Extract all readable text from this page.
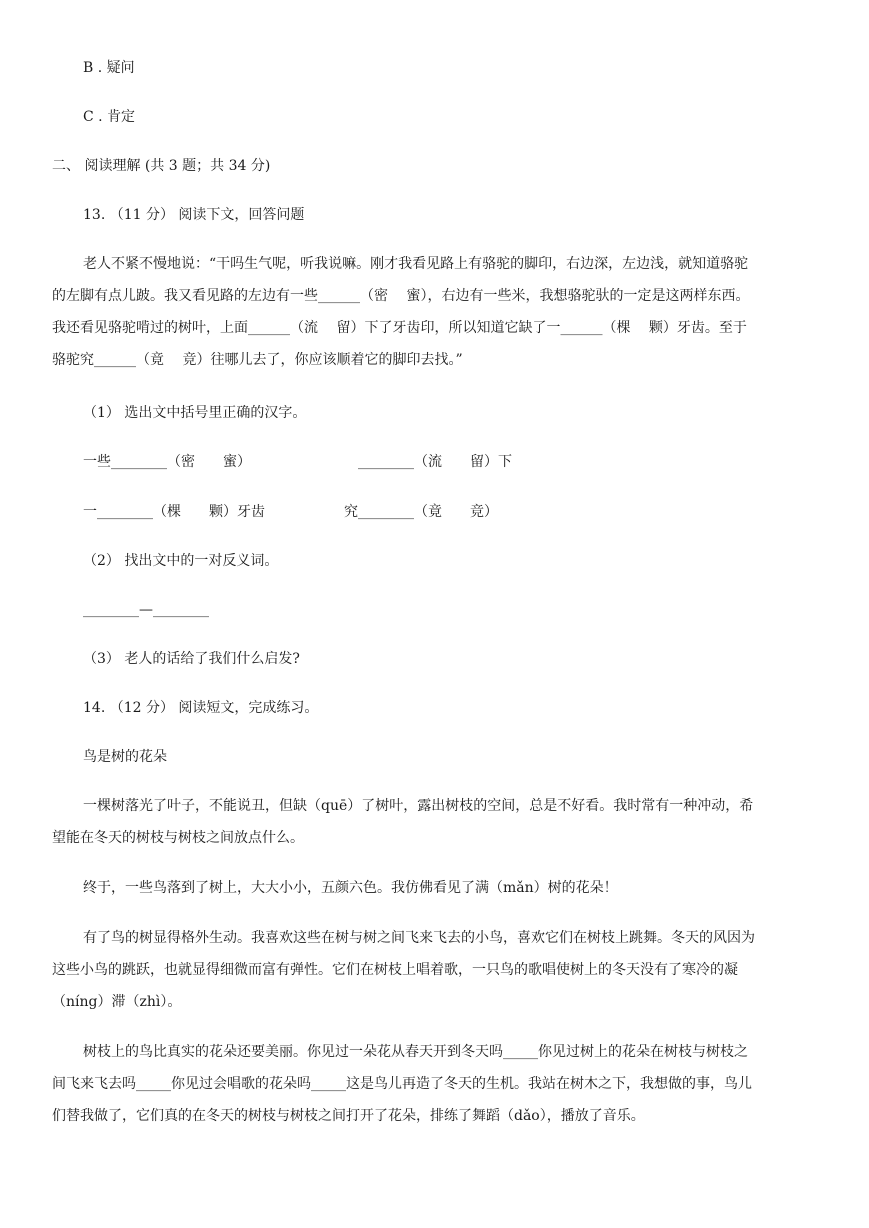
B . 疑问
C . 肯定
二、 阅读理解 (共 3 题；共 34 分)
13. （11 分） 阅读下文，回答问题
老人不紧不慢地说：“干吗生气呢，听我说嘛。刚才我看见路上有骆驼的脚印，右边深，左边浅，就知道骆驼
的左脚有点儿跛。我又看见路的左边有一些______（密　 蜜），右边有一些米，我想骆驼驮的一定是这两样东西。
我还看见骆驼啃过的树叶，上面______（流　 留）下了牙齿印，所以知道它缺了一______（棵　 颗）牙齿。至于
骆驼究______（竟　 竞）往哪儿去了，你应该顺着它的脚印去找。”
（1） 选出文中括号里正确的汉字。
一些________（密　　蜜）	________（流　　留）下
一________（棵　　颗）牙齿	究________（竟　　竞）
（2） 找出文中的一对反义词。
________—________
（3） 老人的话给了我们什么启发?
14. （12 分） 阅读短文，完成练习。
鸟是树的花朵
一棵树落光了叶子，不能说丑，但缺（quē）了树叶，露出树枝的空间，总是不好看。我时常有一种冲动，希
望能在冬天的树枝与树枝之间放点什么。
终于，一些鸟落到了树上，大大小小，五颜六色。我仿佛看见了满（mǎn）树的花朵！
有了鸟的树显得格外生动。我喜欢这些在树与树之间飞来飞去的小鸟，喜欢它们在树枝上跳舞。冬天的风因为
这些小鸟的跳跃，也就显得细微而富有弹性。它们在树枝上唱着歌，一只鸟的歌唱使树上的冬天没有了寒冷的凝
（níng）滞（zhì）。
树枝上的鸟比真实的花朵还要美丽。你见过一朵花从春天开到冬天吗_____你见过树上的花朵在树枝与树枝之
间飞来飞去吗_____你见过会唱歌的花朵吗_____这是鸟儿再造了冬天的生机。我站在树木之下，我想做的事，鸟儿
们替我做了，它们真的在冬天的树枝与树枝之间打开了花朵，排练了舞蹈（dǎo），播放了音乐。
